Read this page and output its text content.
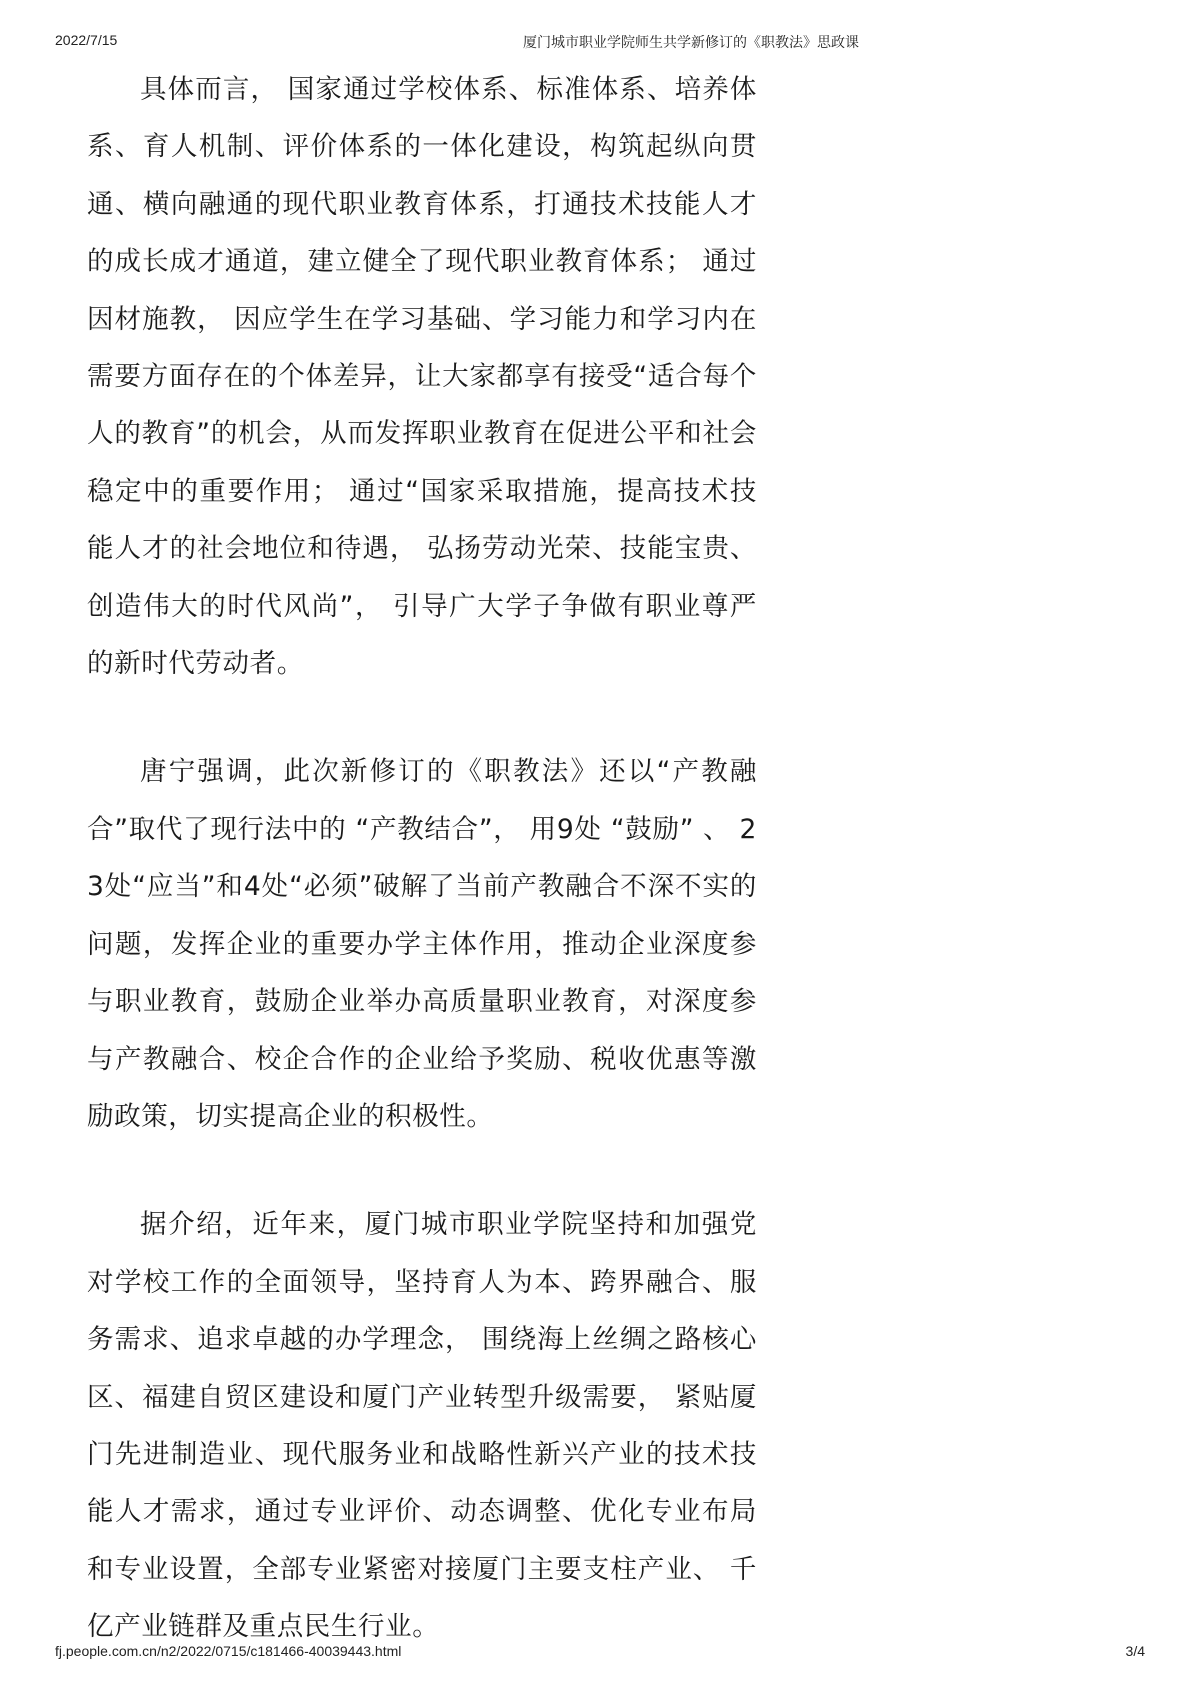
2022/7/15	厦门城市职业学院师生共学新修订的《职教法》思政课

具体而言， 国家通过学校体系、标准体系、培养体系、育人机制、评价体系的一体化建设，构筑起纵向贯通、横向融通的现代职业教育体系，打通技术技能人才的成长成才通道，建立健全了现代职业教育体系； 通过因材施教， 因应学生在学习基础、学习能力和学习内在需要方面存在的个体差异，让大家都享有接受“适合每个人的教育”的机会，从而发挥职业教育在促进公平和社会稳定中的重要作用； 通过“国家采取措施，提高技术技能人才的社会地位和待遇， 弘扬劳动光荣、技能宝贵、创造伟大的时代风尚”， 引导广大学子争做有职业尊严的新时代劳动者。

唐宁强调，此次新修订的《职教法》还以“产教融合”取代了现行法中的 “产教结合”， 用9处 “鼓励” 、 23处“应当”和4处“必须”破解了当前产教融合不深不实的问题，发挥企业的重要办学主体作用，推动企业深度参与职业教育，鼓励企业举办高质量职业教育，对深度参与产教融合、校企合作的企业给予奖励、税收优惠等激励政策，切实提高企业的积极性。

据介绍，近年来，厦门城市职业学院坚持和加强党对学校工作的全面领导，坚持育人为本、跨界融合、服务需求、追求卓越的办学理念， 围绕海上丝绸之路核心区、福建自贸区建设和厦门产业转型升级需要， 紧贴厦门先进制造业、现代服务业和战略性新兴产业的技术技能人才需求，通过专业评价、动态调整、优化专业布局和专业设置，全部专业紧密对接厦门主要支柱产业、 千亿产业链群及重点民生行业。

fj.people.com.cn/n2/2022/0715/c181466-40039443.html	3/4
